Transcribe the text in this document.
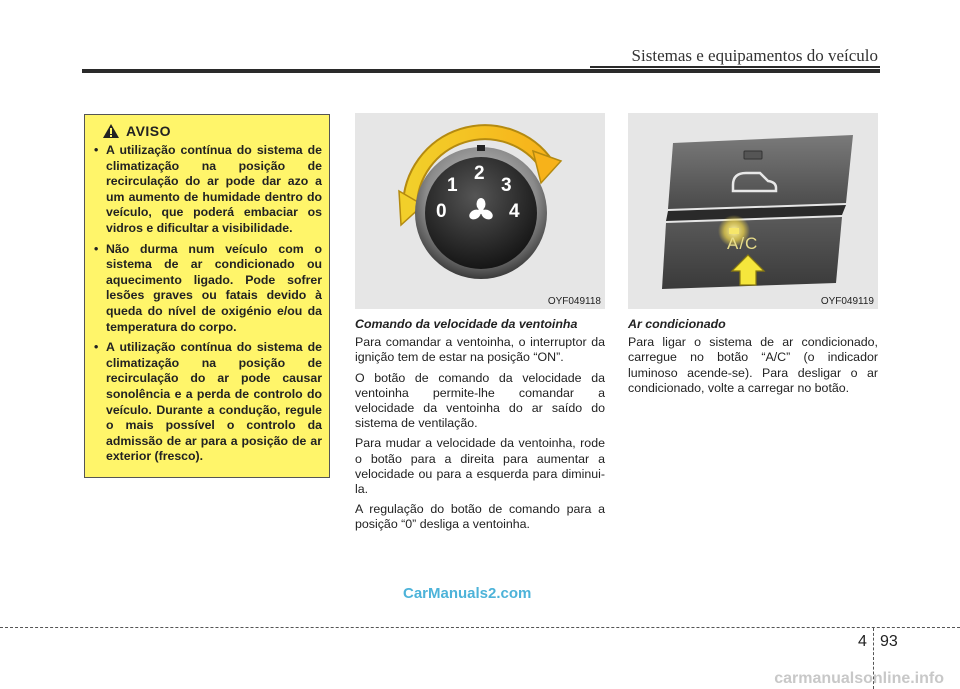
Sistemas e equipamentos do veículo
AVISO
• A utilização contínua do sistema de climatização na posição de recirculação do ar pode dar azo a um aumento de humidade dentro do veículo, que poderá embaciar os vidros e dificultar a visibilidade.
• Não durma num veículo com o sistema de ar condicionado ou aquecimento ligado. Pode sofrer lesões graves ou fatais devido à queda do nível de oxigénio e/ou da temperatura do corpo.
• A utilização contínua do sistema de climatização na posição de recirculação do ar pode causar sonolência e a perda de controlo do veículo. Durante a condução, regule o mais possível o controlo da admissão de ar para a posição de ar exterior (fresco).
0
1
2
3
4
OYF049118
A/C
OYF049119
Comando da velocidade da ventoinha

Para comandar a ventoinha, o interruptor da ignição tem de estar na posição “ON”.

O botão de comando da velocidade da ventoinha permite-lhe comandar a velocidade da ventoinha do ar saído do sistema de ventilação.

Para mudar a velocidade da ventoinha, rode o botão para a direita para aumentar a velocidade ou para a esquerda para diminui-la.

A regulação do botão de comando para a posição “0” desliga a ventoinha.

Ar condicionado

Para ligar o sistema de ar condicionado, carregue no botão “A/C” (o indicador luminoso acende-se). Para desligar o ar condicionado, volte a carregar no botão.

CarManuals2.com
4 93
carmanualsonline.info
